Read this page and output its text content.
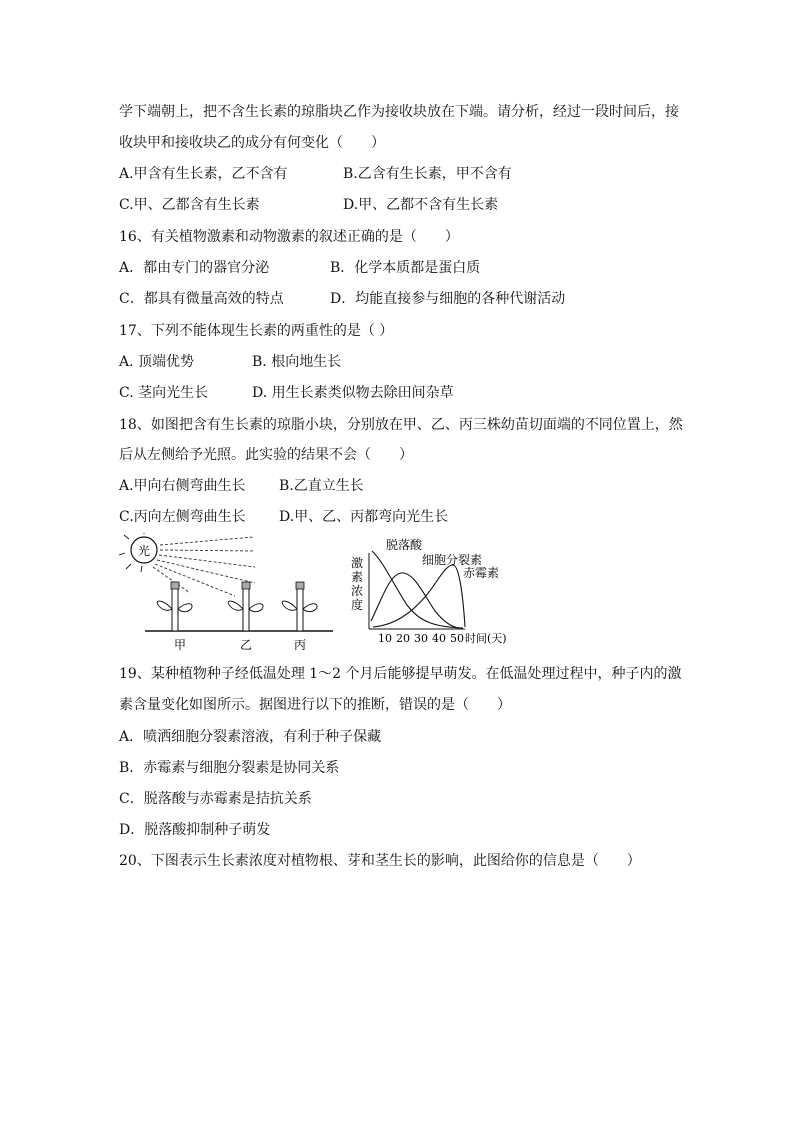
学下端朝上，把不含生长素的琼脂块乙作为接收块放在下端。请分析，经过一段时间后，接
收块甲和接收块乙的成分有何变化（　　）
A.甲含有生长素，乙不含有	B.乙含有生长素，甲不含有
C.甲、乙都含有生长素	D.甲、乙都不含有生长素
16、有关植物激素和动物激素的叙述正确的是（　　）
A．都由专门的器官分泌	B．化学本质都是蛋白质
C．都具有微量高效的特点	D．均能直接参与细胞的各种代谢活动
17、下列不能体现生长素的两重性的是（ ）
A. 顶端优势	B. 根向地生长
C. 茎向光生长	D. 用生长素类似物去除田间杂草
18、如图把含有生长素的琼脂小块，分别放在甲、乙、丙三株幼苗切面端的不同位置上，然
后从左侧给予光照。此实验的结果不会（　　）
A.甲向右侧弯曲生长 B.乙直立生长
C.丙向左侧弯曲生长 D.甲、乙、丙都弯向光生长
光
甲	乙	丙
激
素
浓
度
10 20 30 40 50 时间(天)
脱落酸
细胞分裂素
赤霉素
19、某种植物种子经低温处理 1～2 个月后能够提早萌发。在低温处理过程中，种子内的激
素含量变化如图所示。据图进行以下的推断，错误的是（　　）
A．喷洒细胞分裂素溶液，有利于种子保藏
B．赤霉素与细胞分裂素是协同关系
C．脱落酸与赤霉素是拮抗关系
D．脱落酸抑制种子萌发
20、下图表示生长素浓度对植物根、芽和茎生长的影响，此图给你的信息是（　　）
